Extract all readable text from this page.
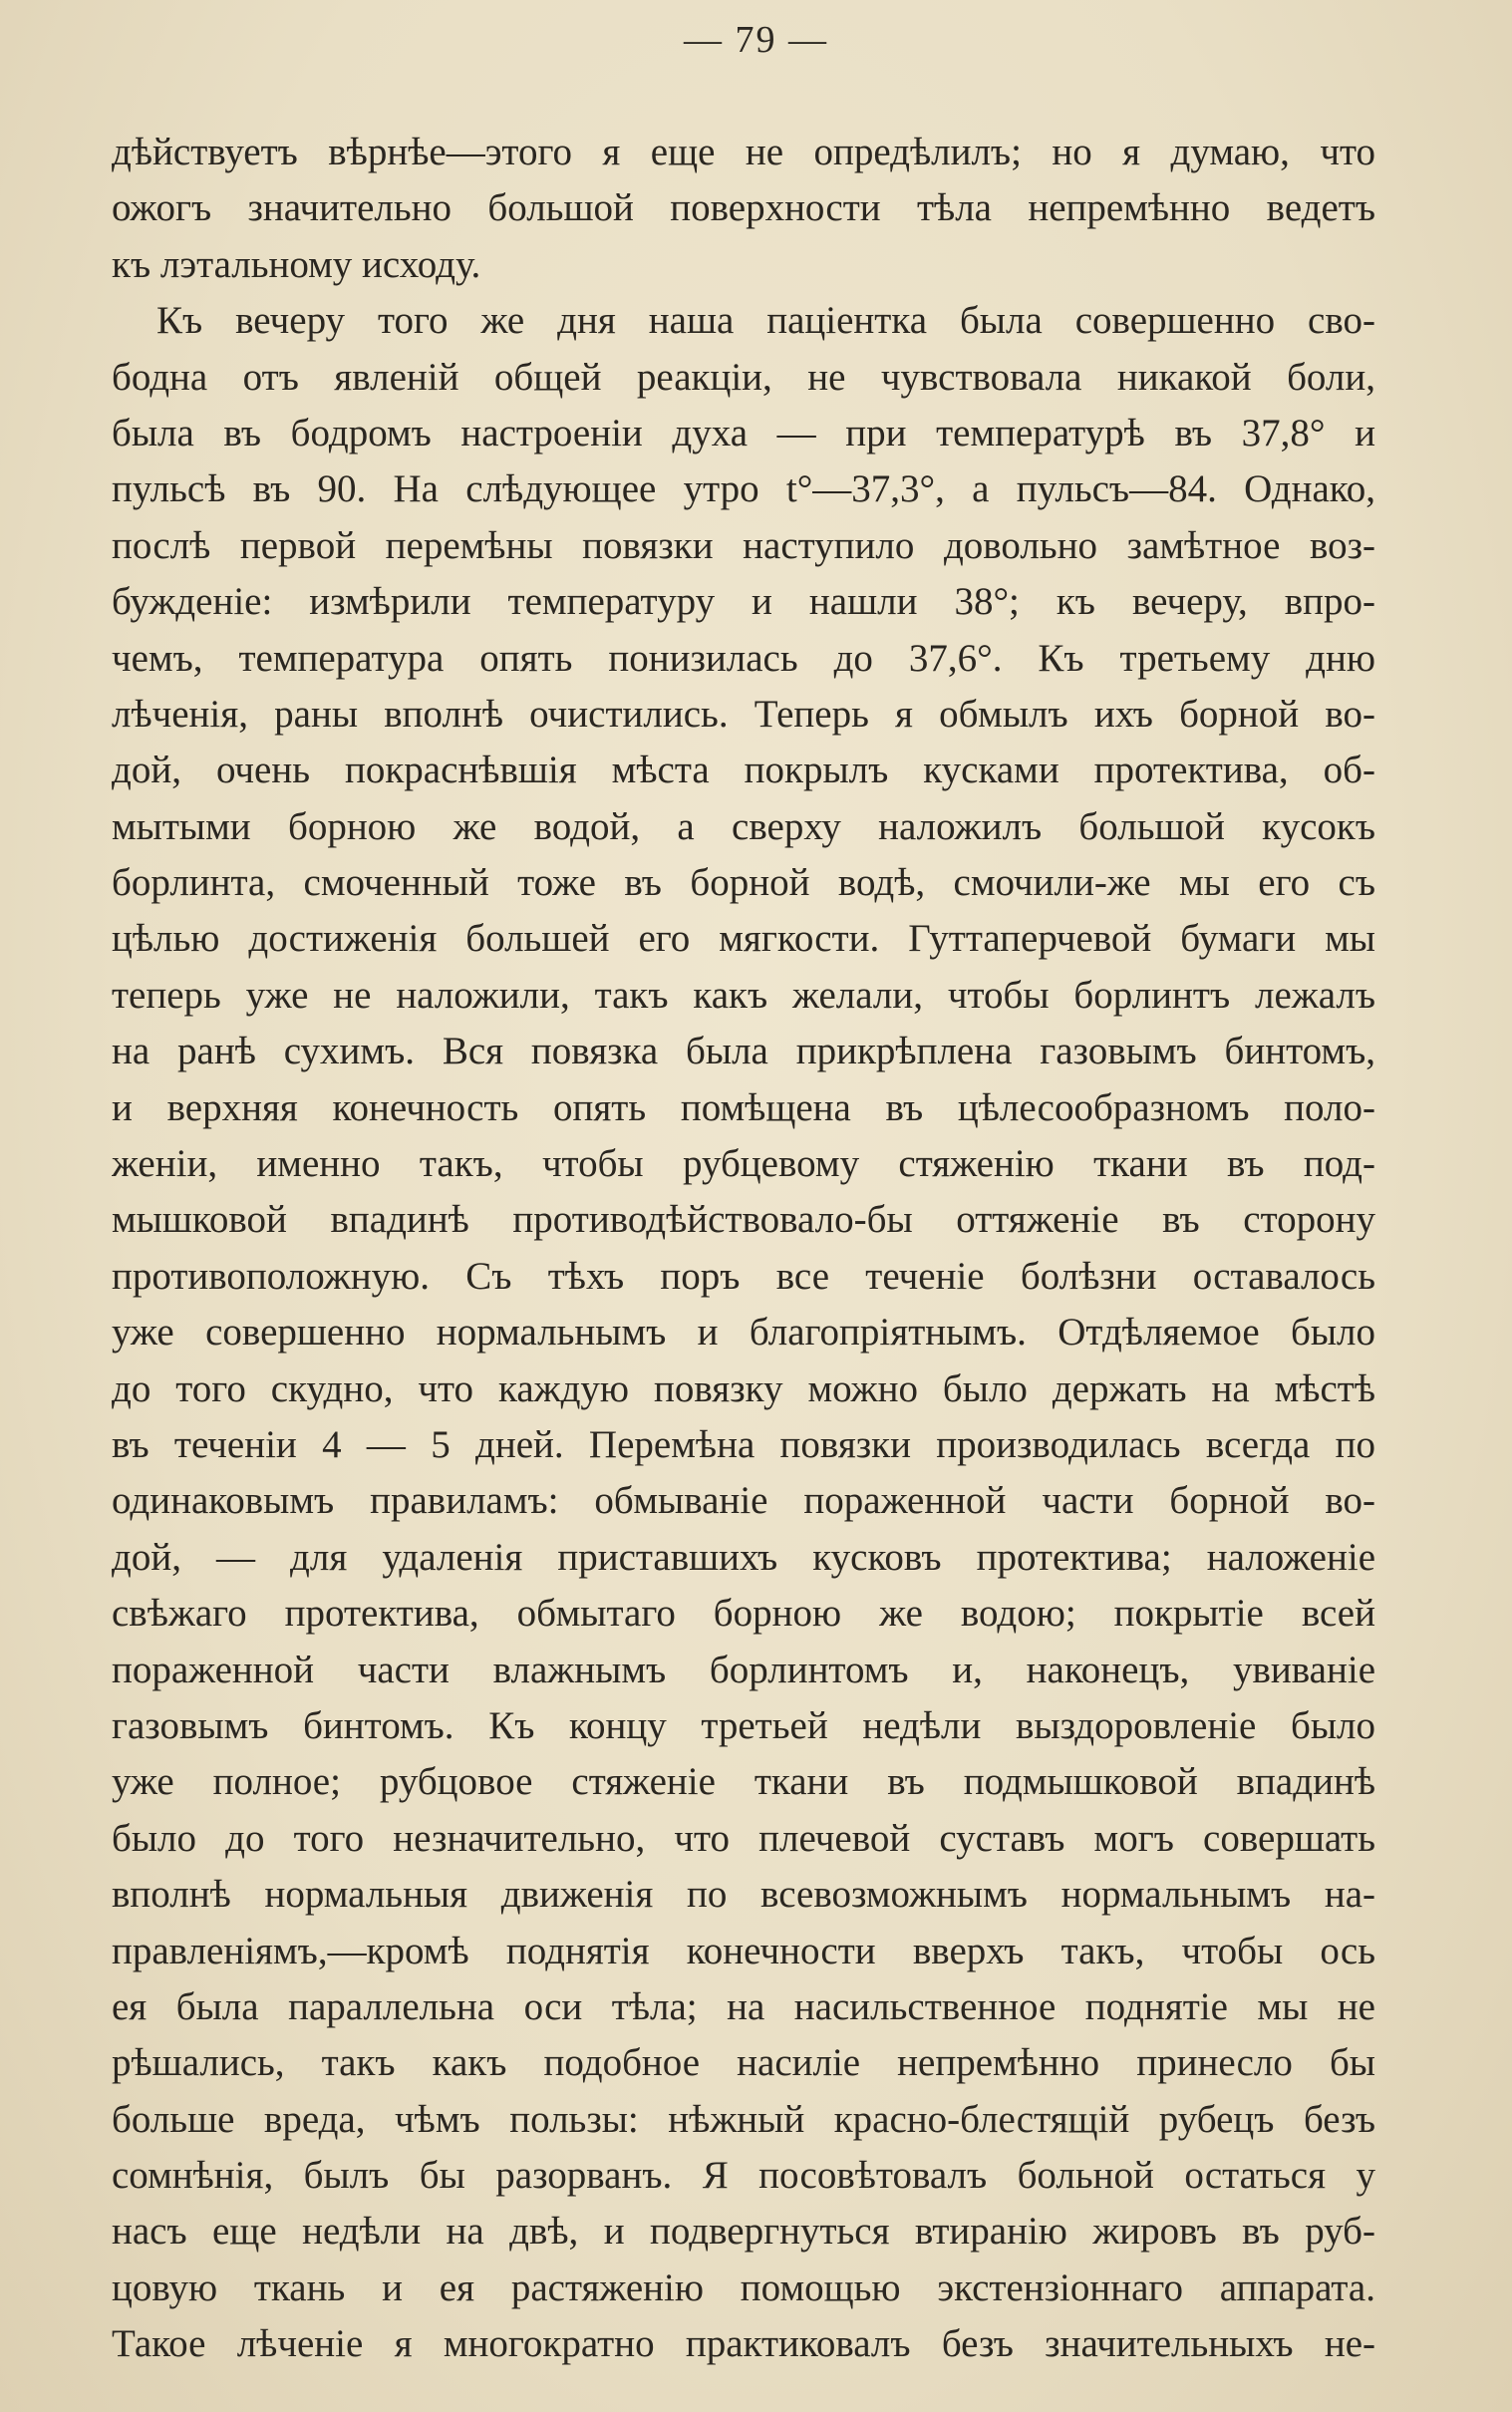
— 79 —
дѣйствуетъ вѣрнѣе—этого я еще не опредѣлилъ; но я думаю, что
ожогъ значительно большой поверхности тѣла непремѣнно ведетъ
къ лэтальному исходу.
Къ вечеру того же дня наша паціентка была совершенно сво-
бодна отъ явленій общей реакціи, не чувствовала никакой боли,
была въ бодромъ настроеніи духа — при температурѣ въ 37,8° и
пульсѣ въ 90. На слѣдующее утро t°—37,3°, а пульсъ—84. Однако,
послѣ первой перемѣны повязки наступило довольно замѣтное воз-
бужденіе: измѣрили температуру и нашли 38°; къ вечеру, впро-
чемъ, температура опять понизилась до 37,6°. Къ третьему дню
лѣченія, раны вполнѣ очистились. Теперь я обмылъ ихъ борной во-
дой, очень покраснѣвшія мѣста покрылъ кусками протектива, об-
мытыми борною же водой, а сверху наложилъ большой кусокъ
борлинта, смоченный тоже въ борной водѣ, смочили-же мы его съ
цѣлью достиженія большей его мягкости. Гуттаперчевой бумаги мы
теперь уже не наложили, такъ какъ желали, чтобы борлинтъ лежалъ
на ранѣ сухимъ. Вся повязка была прикрѣплена газовымъ бинтомъ,
и верхняя конечность опять помѣщена въ цѣлесообразномъ поло-
женіи, именно такъ, чтобы рубцевому стяженію ткани въ под-
мышковой впадинѣ противодѣйствовало-бы оттяженіе въ сторону
противоположную. Съ тѣхъ поръ все теченіе болѣзни оставалось
уже совершенно нормальнымъ и благопріятнымъ. Отдѣляемое было
до того скудно, что каждую повязку можно было держать на мѣстѣ
въ теченіи 4 — 5 дней. Перемѣна повязки производилась всегда по
одинаковымъ правиламъ: обмываніе пораженной части борной во-
дой, — для удаленія приставшихъ кусковъ протектива; наложеніе
свѣжаго протектива, обмытаго борною же водою; покрытіе всей
пораженной части влажнымъ борлинтомъ и, наконецъ, увиваніе
газовымъ бинтомъ. Къ концу третьей недѣли выздоровленіе было
уже полное; рубцовое стяженіе ткани въ подмышковой впадинѣ
было до того незначительно, что плечевой суставъ могъ совершать
вполнѣ нормальныя движенія по всевозможнымъ нормальнымъ на-
правленіямъ,—кромѣ поднятія конечности вверхъ такъ, чтобы ось
ея была параллельна оси тѣла; на насильственное поднятіе мы не
рѣшались, такъ какъ подобное насиліе непремѣнно принесло бы
больше вреда, чѣмъ пользы: нѣжный красно-блестящій рубецъ безъ
сомнѣнія, былъ бы разорванъ. Я посовѣтовалъ больной остаться у
насъ еще недѣли на двѣ, и подвергнуться втиранію жировъ въ руб-
цовую ткань и ея растяженію помощью экстензіоннаго аппарата.
Такое лѣченіе я многократно практиковалъ безъ значительныхъ не-
